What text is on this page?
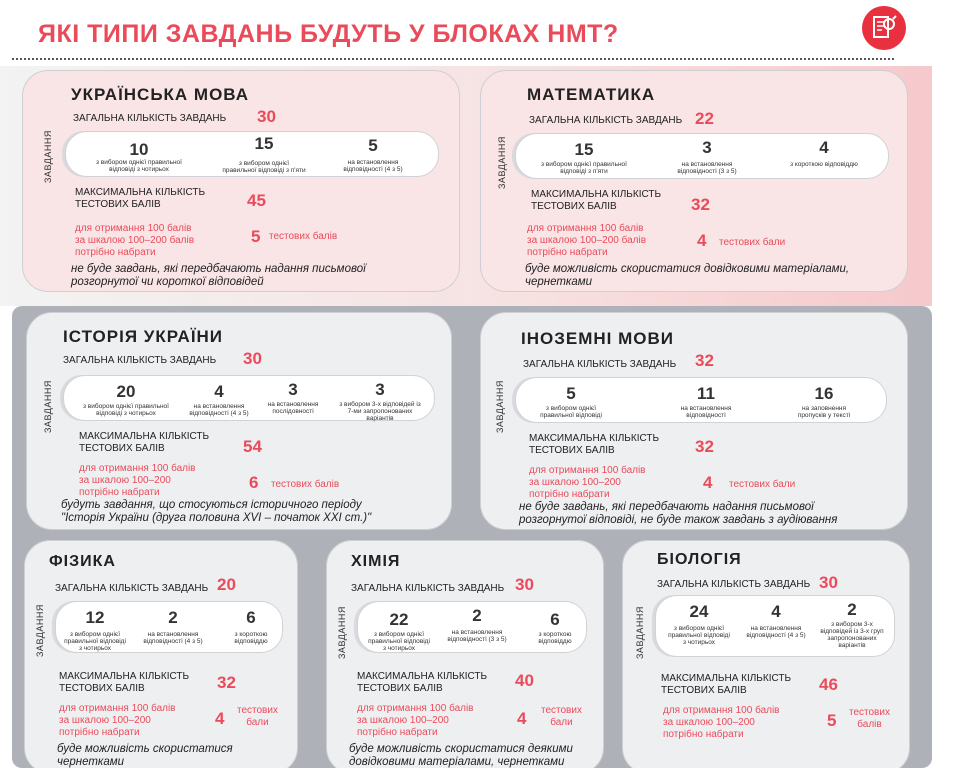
ЯКІ ТИПИ ЗАВДАНЬ БУДУТЬ У БЛОКАХ НМТ?
УКРАЇНСЬКА МОВА
ЗАГАЛЬНА КІЛЬКІСТЬ ЗАВДАНЬ 30
ЗАВДАННЯ	10
з вибором однієї правильної
відповіді з чотирьох
15
з вибором однієї
правильної відповіді з п'яти
5
на встановлення
відповідності (4 з 5)
МАКСИМАЛЬНА КІЛЬКІСТЬ
ТЕСТОВИХ БАЛІВ	45
для отримання 100 балів
за шкалою 100–200 балів
потрібно набрати
5 тестових балів
не буде завдань, які передбачають надання письмової
розгорнутої чи короткої відповідей
МАТЕМАТИКА
ЗАГАЛЬНА КІЛЬКІСТЬ ЗАВДАНЬ 22
ЗАВДАННЯ	15
з вибором однієї правильної
відповіді з п'яти
3
на встановлення
відповідності (3 з 5)
4
з короткою відповіддю
МАКСИМАЛЬНА КІЛЬКІСТЬ
ТЕСТОВИХ БАЛІВ	32
для отримання 100 балів
за шкалою 100–200 балів
потрібно набрати
4 тестових бали
буде можливість скористатися довідковими матеріалами,
чернетками
ІСТОРІЯ УКРАЇНИ
ЗАГАЛЬНА КІЛЬКІСТЬ ЗАВДАНЬ 30
ЗАВДАННЯ	20
з вибором однієї правильної
відповіді з чотирьох
4
на встановлення
відповідності (4 з 5)
3
на встановлення
послідовності
3
з вибором 3-х відповідей із
7-ми запропонованих
варіантів
МАКСИМАЛЬНА КІЛЬКІСТЬ
ТЕСТОВИХ БАЛІВ	54
для отримання 100 балів
за шкалою 100–200
потрібно набрати
6 тестових балів
будуть завдання, що стосуються історичного періоду
"Історія України (друга половина XVI – початок XXI ст.)"
ІНОЗЕМНІ МОВИ
ЗАГАЛЬНА КІЛЬКІСТЬ ЗАВДАНЬ 32
ЗАВДАННЯ	5
з вибором однієї
правильної відповіді
11
на встановлення
відповідності
16
на заповнення
пропусків у тексті
МАКСИМАЛЬНА КІЛЬКІСТЬ
ТЕСТОВИХ БАЛІВ	32
для отримання 100 балів
за шкалою 100–200
потрібно набрати
4 тестових бали
не буде завдань, які передбачають надання письмової
розгорнутої відповіді, не буде також завдань з аудіювання
ФІЗИКА
ЗАГАЛЬНА КІЛЬКІСТЬ ЗАВДАНЬ 20
ЗАВДАННЯ	12
з вибором однієї
правильної відповіді
з чотирьох
2
на встановлення
відповідності (4 з 5)
6
з короткою
відповіддю
МАКСИМАЛЬНА КІЛЬКІСТЬ
ТЕСТОВИХ БАЛІВ	32
для отримання 100 балів
за шкалою 100–200
потрібно набрати
4 тестових
бали
буде можливість скористатися
чернетками
ХІМІЯ
ЗАГАЛЬНА КІЛЬКІСТЬ ЗАВДАНЬ 30
ЗАВДАННЯ	22
з вибором однієї
правильної відповіді
з чотирьох
2
на встановлення
відповідності (3 з 5)
6
з короткою
відповіддю
МАКСИМАЛЬНА КІЛЬКІСТЬ
ТЕСТОВИХ БАЛІВ	40
для отримання 100 балів
за шкалою 100–200
потрібно набрати
4 тестових
бали
буде можливість скористатися деякими
довідковими матеріалами, чернетками
БІОЛОГІЯ
ЗАГАЛЬНА КІЛЬКІСТЬ ЗАВДАНЬ 30
ЗАВДАННЯ	24
з вибором однієї
правильної відповіді
з чотирьох
4
на встановлення
відповідності (4 з 5)
2
з вибором 3-х
відповідей із 3-х груп
запропонованих
варіантів
МАКСИМАЛЬНА КІЛЬКІСТЬ
ТЕСТОВИХ БАЛІВ	46
для отримання 100 балів
за шкалою 100–200
потрібно набрати
5 тестових
балів
